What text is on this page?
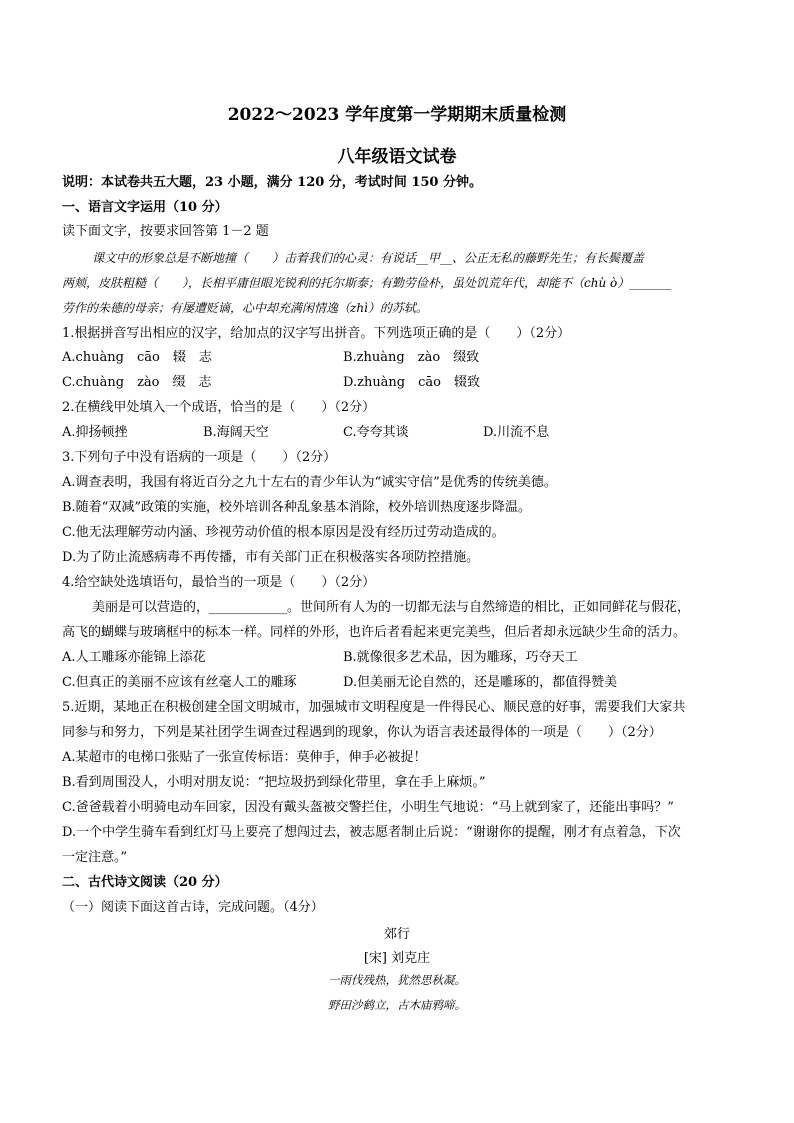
2022～2023 学年度第一学期期末质量检测
八年级语文试卷
说明：本试卷共五大题，23 小题，满分 120 分，考试时间 150 分钟。
一、语言文字运用（10 分）
读下面文字，按要求回答第 1－2 题
课文中的形象总是不断地撞（　　）击着我们的心灵：有说话__甲__、公正无私的藤野先生；有长鬓覆盖
两颊，皮肤粗糙（　　），长相平庸但眼光锐利的托尔斯泰；有勤劳俭朴，虽处饥荒年代，却能不（chù ò）_______
劳作的朱德的母亲；有屡遭贬谪，心中却充满闲情逸（zhì）的苏轼。
1.根据拼音写出相应的汉字，给加点的汉字写出拼音。下列选项正确的是（　　）（2分）
A.chuàng　cāo　辍　志	B.zhuàng　zào　缀致
C.chuàng　zào　缀　志	D.zhuàng　cāo　辍致
2.在横线甲处填入一个成语，恰当的是（　　）（2分）
A.抑扬顿挫	B.海阔天空	C.夸夸其谈	D.川流不息
3.下列句子中没有语病的一项是（　　）（2分）
A.调查表明，我国有将近百分之九十左右的青少年认为“诚实守信”是优秀的传统美德。
B.随着“双减”政策的实施，校外培训各种乱象基本消除，校外培训热度逐步降温。
C.他无法理解劳动内涵、珍视劳动价值的根本原因是没有经历过劳动造成的。
D.为了防止流感病毒不再传播，市有关部门正在积极落实各项防控措施。
4.给空缺处选填语句，最恰当的一项是（　　）（2分）
美丽是可以营造的，____________。世间所有人为的一切都无法与自然缔造的相比，正如同鲜花与假花，
高飞的蝴蝶与玻璃框中的标本一样。同样的外形，也许后者看起来更完美些，但后者却永远缺少生命的活力。
A.人工雕琢亦能锦上添花	B.就像很多艺术品，因为雕琢，巧夺天工
C.但真正的美丽不应该有丝毫人工的雕琢	D.但美丽无论自然的，还是雕琢的，都值得赞美
5.近期，某地正在积极创建全国文明城市，加强城市文明程度是一件得民心、顺民意的好事，需要我们大家共
同参与和努力，下列是某社团学生调查过程遇到的现象，你认为语言表述最得体的一项是（　　）（2分）
A.某超市的电梯口张贴了一张宣传标语：莫伸手，伸手必被捉！
B.看到周围没人，小明对朋友说：“把垃圾扔到绿化带里，拿在手上麻烦。”
C.爸爸载着小明骑电动车回家，因没有戴头盔被交警拦住，小明生气地说：“马上就到家了，还能出事吗？”
D.一个中学生骑车看到红灯马上要亮了想闯过去，被志愿者制止后说：“谢谢你的提醒，刚才有点着急，下次
一定注意。”
二、古代诗文阅读（20 分）
（一）阅读下面这首古诗，完成问题。（4分）
郊行
[宋] 刘克庄
一雨伐残热，犹然思秋凝。
野田沙鹤立，古木庙鸦啼。
